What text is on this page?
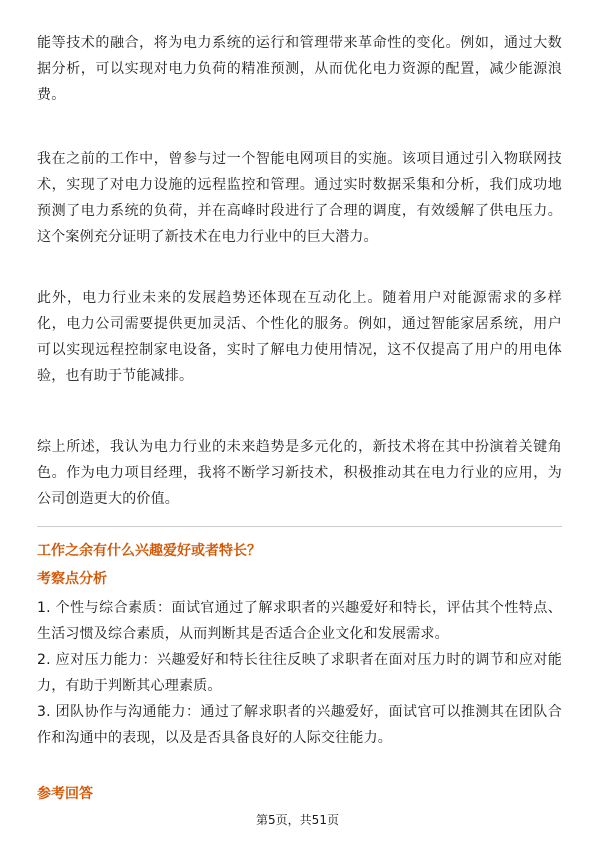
能等技术的融合，将为电力系统的运行和管理带来革命性的变化。例如，通过大数据分析，可以实现对电力负荷的精准预测，从而优化电力资源的配置，减少能源浪费。

我在之前的工作中，曾参与过一个智能电网项目的实施。该项目通过引入物联网技术，实现了对电力设施的远程监控和管理。通过实时数据采集和分析，我们成功地预测了电力系统的负荷，并在高峰时段进行了合理的调度，有效缓解了供电压力。这个案例充分证明了新技术在电力行业中的巨大潜力。

此外，电力行业未来的发展趋势还体现在互动化上。随着用户对能源需求的多样化，电力公司需要提供更加灵活、个性化的服务。例如，通过智能家居系统，用户可以实现远程控制家电设备，实时了解电力使用情况，这不仅提高了用户的用电体验，也有助于节能减排。

综上所述，我认为电力行业的未来趋势是多元化的，新技术将在其中扮演着关键角色。作为电力项目经理，我将不断学习新技术，积极推动其在电力行业的应用，为公司创造更大的价值。

工作之余有什么兴趣爱好或者特长？
考察点分析
1. 个性与综合素质：面试官通过了解求职者的兴趣爱好和特长，评估其个性特点、生活习惯及综合素质，从而判断其是否适合企业文化和发展需求。
2. 应对压力能力：兴趣爱好和特长往往反映了求职者在面对压力时的调节和应对能力，有助于判断其心理素质。
3. 团队协作与沟通能力：通过了解求职者的兴趣爱好，面试官可以推测其在团队合作和沟通中的表现，以及是否具备良好的人际交往能力。
参考回答
第5页，共51页
